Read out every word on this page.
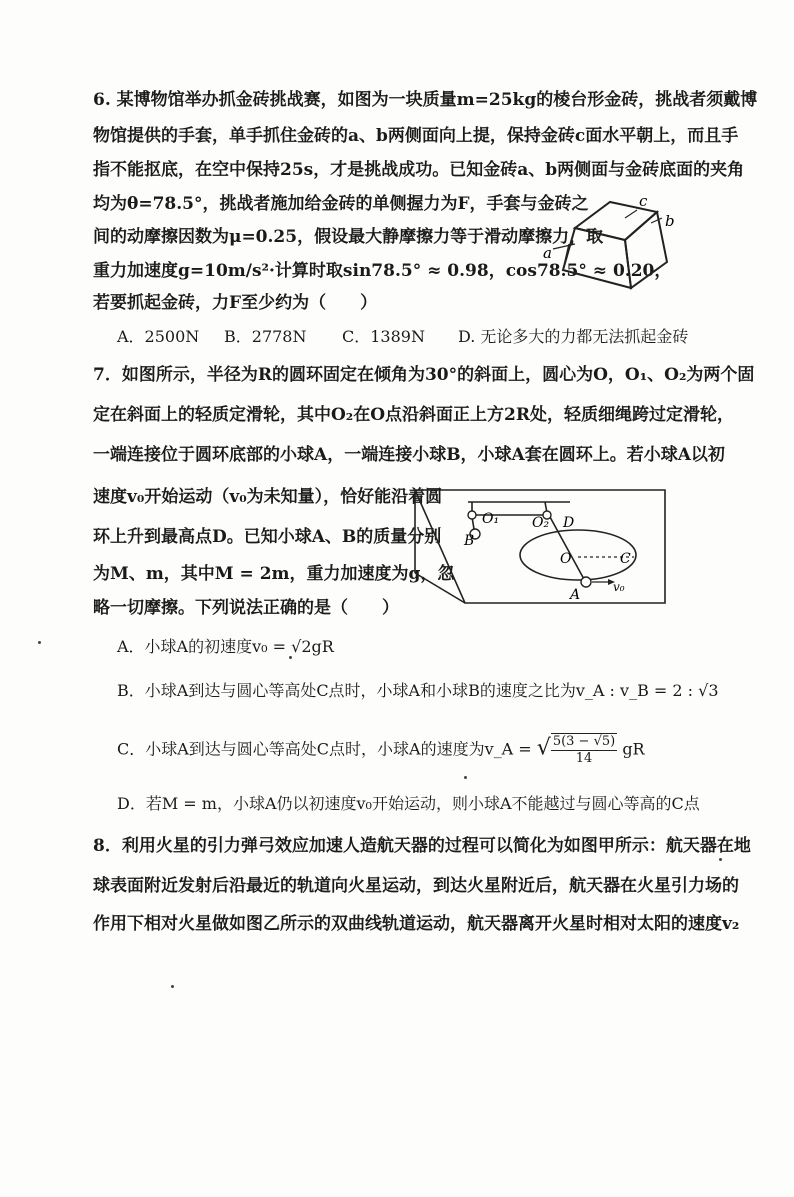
6. 某博物馆举办抓金砖挑战赛，如图为一块质量m=25kg的棱台形金砖，挑战者须戴博
物馆提供的手套，单手抓住金砖的a、b两侧面向上提，保持金砖c面水平朝上，而且手
指不能抠底，在空中保持25s，才是挑战成功。已知金砖a、b两侧面与金砖底面的夹角
均为θ=78.5°，挑战者施加给金砖的单侧握力为F，手套与金砖之
间的动摩擦因数为μ=0.25，假设最大静摩擦力等于滑动摩擦力，取
重力加速度g=10m/s²·计算时取sin78.5° ≈ 0.98，cos78.5° ≈ 0.20，
若要抓起金砖，力F至少约为（　　）
A．2500N B．2778N C．1389N D. 无论多大的力都无法抓起金砖
a
c
b
7．如图所示，半径为R的圆环固定在倾角为30°的斜面上，圆心为O，O₁、O₂为两个固
定在斜面上的轻质定滑轮，其中O₂在O点沿斜面正上方2R处，轻质细绳跨过定滑轮，
一端连接位于圆环底部的小球A，一端连接小球B，小球A套在圆环上。若小球A以初
速度v₀开始运动（v₀为未知量），恰好能沿着圆
环上升到最高点D。已知小球A、B的质量分别
为M、m，其中M = 2m，重力加速度为g，忽
略一切摩擦。下列说法正确的是（　　）
A．小球A的初速度v₀ = √2gR
B．小球A到达与圆心等高处C点时，小球A和小球B的速度之比为v_A : v_B = 2 : √3
C．小球A到达与圆心等高处C点时，小球A的速度为v_A = √ $\frac{5(3 - √5)}{14}$ gR
D．若M = m，小球A仍以初速度v₀开始运动，则小球A不能越过与圆心等高的C点
O₁ O₂ D
B
O	C
A	v₀
8．利用火星的引力弹弓效应加速人造航天器的过程可以简化为如图甲所示：航天器在地
球表面附近发射后沿最近的轨道向火星运动，到达火星附近后，航天器在火星引力场的
作用下相对火星做如图乙所示的双曲线轨道运动，航天器离开火星时相对太阳的速度v₂
